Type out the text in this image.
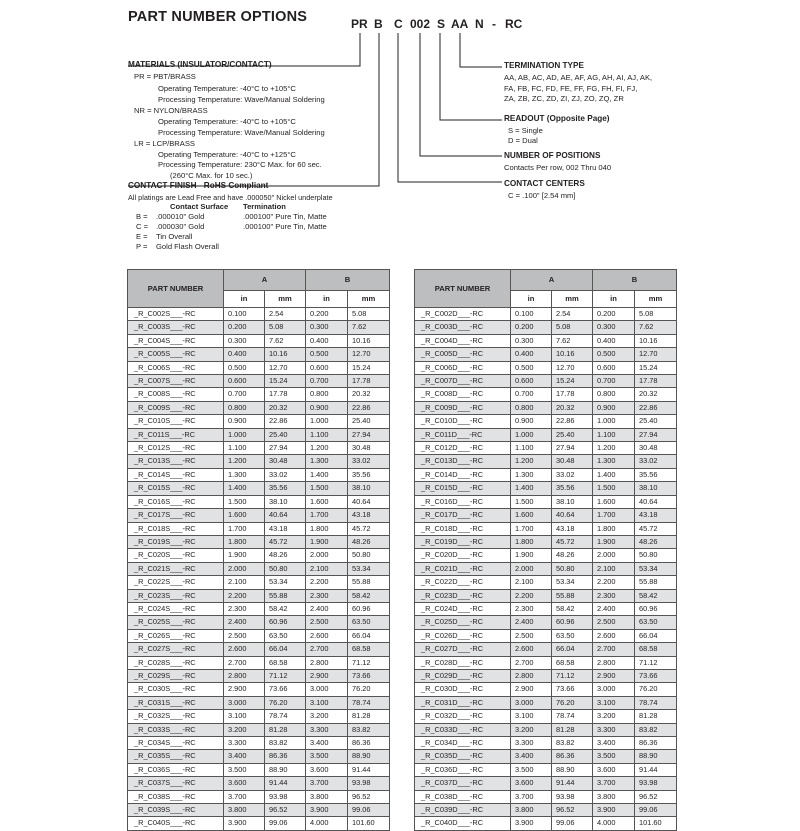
PART NUMBER OPTIONS	PR B C 002 S AA N - RC
MATERIALS (INSULATOR/CONTACT)
PR = PBT/BRASS
Operating Temperature: -40°C to +105°C
Processing Temperature: Wave/Manual Soldering
NR = NYLON/BRASS
Operating Temperature: -40°C to +105°C
Processing Temperature: Wave/Manual Soldering
LR = LCP/BRASS
Operating Temperature: -40°C to +125°C
Processing Temperature: 230°C Max. for 60 sec.
(260°C Max. for 10 sec.)
CONTACT FINISH - RoHS Compliant
All platings are Lead Free and have .000050" Nickel underplate
Contact Surface Termination
B = .000010" Gold	.000100" Pure Tin, Matte
C = .000030" Gold	.000100" Pure Tin, Matte
E = Tin Overall
P = Gold Flash Overall
TERMINATION TYPE
AA, AB, AC, AD, AE, AF, AG, AH, AI, AJ, AK,
FA, FB, FC, FD, FE, FF, FG, FH, FI, FJ,
ZA, ZB, ZC, ZD, ZI, ZJ, ZO, ZQ, ZR
READOUT (Opposite Page)
S = Single
D = Dual
NUMBER OF POSITIONS
Contacts Per row, 002 Thru 040
CONTACT CENTERS
C = .100" [2.54 mm]
PART NUMBER	A		B	
	in	mm	in	mm
_R_C002S___-RC	0.100	2.54	0.200	5.08
_R_C003S___-RC	0.200	5.08	0.300	7.62
_R_C004S___-RC	0.300	7.62	0.400	10.16
_R_C005S___-RC	0.400	10.16	0.500	12.70
_R_C006S___-RC	0.500	12.70	0.600	15.24
_R_C007S___-RC	0.600	15.24	0.700	17.78
_R_C008S___-RC	0.700	17.78	0.800	20.32
_R_C009S___-RC	0.800	20.32	0.900	22.86
_R_C010S___-RC	0.900	22.86	1.000	25.40
_R_C011S___-RC	1.000	25.40	1.100	27.94
_R_C012S___-RC	1.100	27.94	1.200	30.48
_R_C013S___-RC	1.200	30.48	1.300	33.02
_R_C014S___-RC	1.300	33.02	1.400	35.56
_R_C015S___-RC	1.400	35.56	1.500	38.10
_R_C016S___-RC	1.500	38.10	1.600	40.64
_R_C017S___-RC	1.600	40.64	1.700	43.18
_R_C018S___-RC	1.700	43.18	1.800	45.72
_R_C019S___-RC	1.800	45.72	1.900	48.26
_R_C020S___-RC	1.900	48.26	2.000	50.80
_R_C021S___-RC	2.000	50.80	2.100	53.34
_R_C022S___-RC	2.100	53.34	2.200	55.88
_R_C023S___-RC	2.200	55.88	2.300	58.42
_R_C024S___-RC	2.300	58.42	2.400	60.96
_R_C025S___-RC	2.400	60.96	2.500	63.50
_R_C026S___-RC	2.500	63.50	2.600	66.04
_R_C027S___-RC	2.600	66.04	2.700	68.58
_R_C028S___-RC	2.700	68.58	2.800	71.12
_R_C029S___-RC	2.800	71.12	2.900	73.66
_R_C030S___-RC	2.900	73.66	3.000	76.20
_R_C031S___-RC	3.000	76.20	3.100	78.74
_R_C032S___-RC	3.100	78.74	3.200	81.28
_R_C033S___-RC	3.200	81.28	3.300	83.82
_R_C034S___-RC	3.300	83.82	3.400	86.36
_R_C035S___-RC	3.400	86.36	3.500	88.90
_R_C036S___-RC	3.500	88.90	3.600	91.44
_R_C037S___-RC	3.600	91.44	3.700	93.98
_R_C038S___-RC	3.700	93.98	3.800	96.52
_R_C039S___-RC	3.800	96.52	3.900	99.06
_R_C040S___-RC	3.900	99.06	4.000	101.60
PART NUMBER	A		B	
	in	mm	in	mm
_R_C002D___-RC	0.100	2.54	0.200	5.08
_R_C003D___-RC	0.200	5.08	0.300	7.62
_R_C004D___-RC	0.300	7.62	0.400	10.16
_R_C005D___-RC	0.400	10.16	0.500	12.70
_R_C006D___-RC	0.500	12.70	0.600	15.24
_R_C007D___-RC	0.600	15.24	0.700	17.78
_R_C008D___-RC	0.700	17.78	0.800	20.32
_R_C009D___-RC	0.800	20.32	0.900	22.86
_R_C010D___-RC	0.900	22.86	1.000	25.40
_R_C011D___-RC	1.000	25.40	1.100	27.94
_R_C012D___-RC	1.100	27.94	1.200	30.48
_R_C013D___-RC	1.200	30.48	1.300	33.02
_R_C014D___-RC	1.300	33.02	1.400	35.56
_R_C015D___-RC	1.400	35.56	1.500	38.10
_R_C016D___-RC	1.500	38.10	1.600	40.64
_R_C017D___-RC	1.600	40.64	1.700	43.18
_R_C018D___-RC	1.700	43.18	1.800	45.72
_R_C019D___-RC	1.800	45.72	1.900	48.26
_R_C020D___-RC	1.900	48.26	2.000	50.80
_R_C021D___-RC	2.000	50.80	2.100	53.34
_R_C022D___-RC	2.100	53.34	2.200	55.88
_R_C023D___-RC	2.200	55.88	2.300	58.42
_R_C024D___-RC	2.300	58.42	2.400	60.96
_R_C025D___-RC	2.400	60.96	2.500	63.50
_R_C026D___-RC	2.500	63.50	2.600	66.04
_R_C027D___-RC	2.600	66.04	2.700	68.58
_R_C028D___-RC	2.700	68.58	2.800	71.12
_R_C029D___-RC	2.800	71.12	2.900	73.66
_R_C030D___-RC	2.900	73.66	3.000	76.20
_R_C031D___-RC	3.000	76.20	3.100	78.74
_R_C032D___-RC	3.100	78.74	3.200	81.28
_R_C033D___-RC	3.200	81.28	3.300	83.82
_R_C034D___-RC	3.300	83.82	3.400	86.36
_R_C035D___-RC	3.400	86.36	3.500	88.90
_R_C036D___-RC	3.500	88.90	3.600	91.44
_R_C037D___-RC	3.600	91.44	3.700	93.98
_R_C038D___-RC	3.700	93.98	3.800	96.52
_R_C039D___-RC	3.800	96.52	3.900	99.06
_R_C040D___-RC	3.900	99.06	4.000	101.60
